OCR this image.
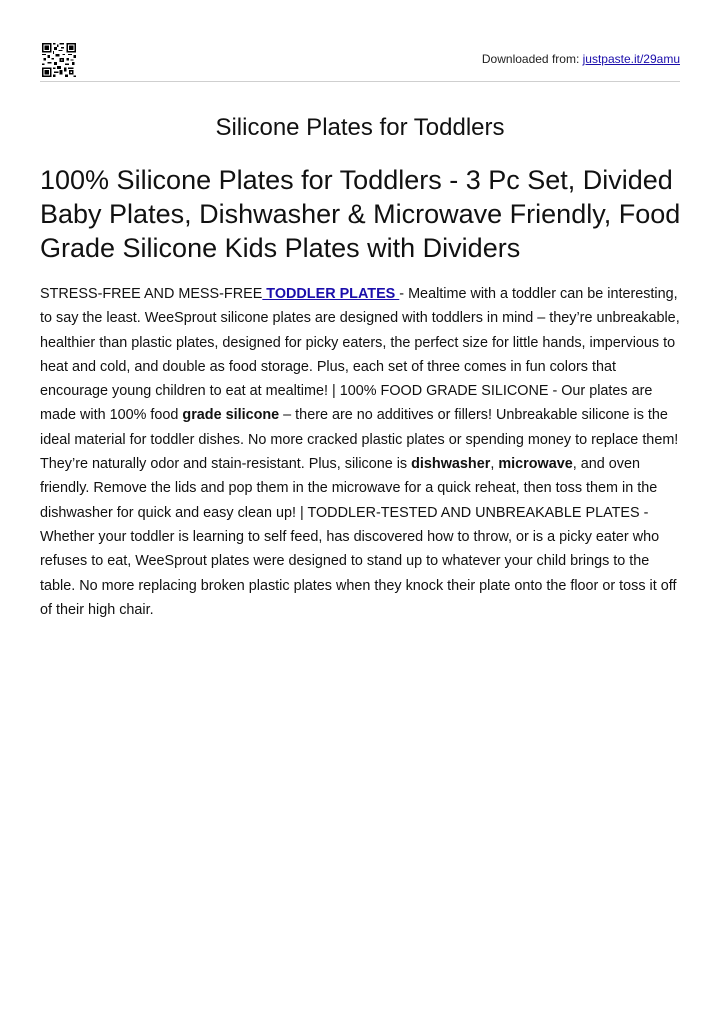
Downloaded from: justpaste.it/29amu
Silicone Plates for Toddlers
100% Silicone Plates for Toddlers - 3 Pc Set, Divided Baby Plates, Dishwasher & Microwave Friendly, Food Grade Silicone Kids Plates with Dividers
STRESS-FREE AND MESS-FREE TODDLER PLATES - Mealtime with a toddler can be interesting, to say the least. WeeSprout silicone plates are designed with toddlers in mind – they’re unbreakable, healthier than plastic plates, designed for picky eaters, the perfect size for little hands, impervious to heat and cold, and double as food storage. Plus, each set of three comes in fun colors that encourage young children to eat at mealtime! | 100% FOOD GRADE SILICONE - Our plates are made with 100% food grade silicone – there are no additives or fillers! Unbreakable silicone is the ideal material for toddler dishes. No more cracked plastic plates or spending money to replace them! They’re naturally odor and stain-resistant. Plus, silicone is dishwasher, microwave, and oven friendly. Remove the lids and pop them in the microwave for a quick reheat, then toss them in the dishwasher for quick and easy clean up! | TODDLER-TESTED AND UNBREAKABLE PLATES - Whether your toddler is learning to self feed, has discovered how to throw, or is a picky eater who refuses to eat, WeeSprout plates were designed to stand up to whatever your child brings to the table. No more replacing broken plastic plates when they knock their plate onto the floor or toss it off of their high chair.
